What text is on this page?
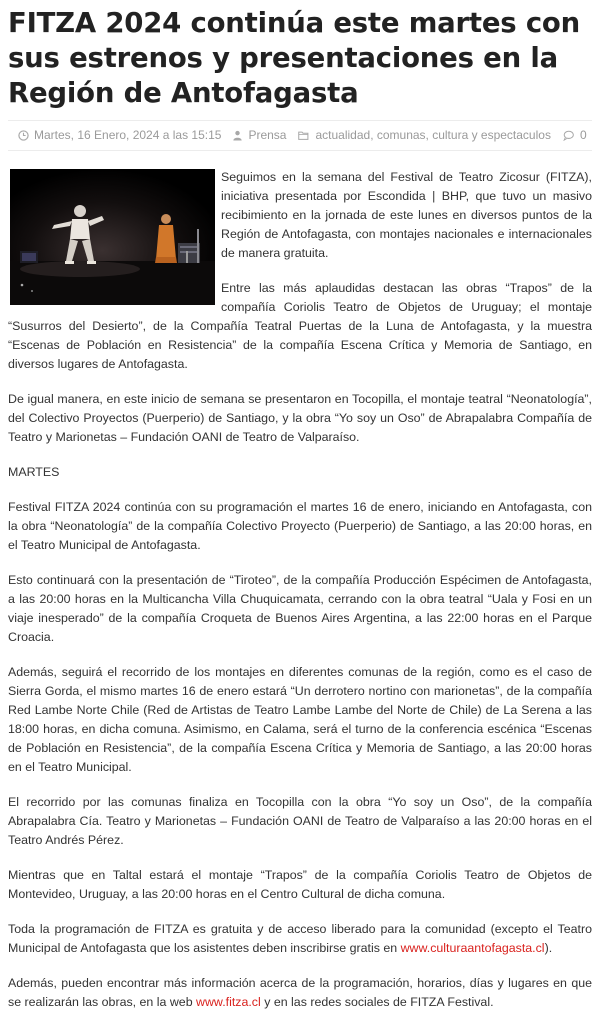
FITZA 2024 continúa este martes con sus estrenos y presentaciones en la Región de Antofagasta
Martes, 16 Enero, 2024 a las 15:15 Prensa actualidad, comunas, cultura y espectaculos 0

Seguimos en la semana del Festival de Teatro Zicosur (FITZA), iniciativa presentada por Escondida | BHP, que tuvo un masivo recibimiento en la jornada de este lunes en diversos puntos de la Región de Antofagasta, con montajes nacionales e internacionales de manera gratuita.

Entre las más aplaudidas destacan las obras “Trapos” de la compañía Coriolis Teatro de Objetos de Uruguay; el montaje “Susurros del Desierto”, de la Compañía Teatral Puertas de la Luna de Antofagasta, y la muestra “Escenas de Población en Resistencia” de la compañía Escena Crítica y Memoria de Santiago, en diversos lugares de Antofagasta.

De igual manera, en este inicio de semana se presentaron en Tocopilla, el montaje teatral “Neonatología”, del Colectivo Proyectos (Puerperio) de Santiago, y la obra “Yo soy un Oso” de Abrapalabra Compañía de Teatro y Marionetas – Fundación OANI de Teatro de Valparaíso.

MARTES

Festival FITZA 2024 continúa con su programación el martes 16 de enero, iniciando en Antofagasta, con la obra “Neonatología” de la compañía Colectivo Proyecto (Puerperio) de Santiago, a las 20:00 horas, en el Teatro Municipal de Antofagasta.

Esto continuará con la presentación de “Tiroteo”, de la compañía Producción Espécimen de Antofagasta, a las 20:00 horas en la Multicancha Villa Chuquicamata, cerrando con la obra teatral “Uala y Fosi en un viaje inesperado” de la compañía Croqueta de Buenos Aires Argentina, a las 22:00 horas en el Parque Croacia.

Además, seguirá el recorrido de los montajes en diferentes comunas de la región, como es el caso de Sierra Gorda, el mismo martes 16 de enero estará “Un derrotero nortino con marionetas”, de la compañía Red Lambe Norte Chile (Red de Artistas de Teatro Lambe Lambe del Norte de Chile) de La Serena a las 18:00 horas, en dicha comuna. Asimismo, en Calama, será el turno de la conferencia escénica “Escenas de Población en Resistencia”, de la compañía Escena Crítica y Memoria de Santiago, a las 20:00 horas en el Teatro Municipal.

El recorrido por las comunas finaliza en Tocopilla con la obra “Yo soy un Oso”, de la compañía Abrapalabra Cía. Teatro y Marionetas – Fundación OANI de Teatro de Valparaíso a las 20:00 horas en el Teatro Andrés Pérez.

Mientras que en Taltal estará el montaje “Trapos” de la compañía Coriolis Teatro de Objetos de Montevideo, Uruguay, a las 20:00 horas en el Centro Cultural de dicha comuna.

Toda la programación de FITZA es gratuita y de acceso liberado para la comunidad (excepto el Teatro Municipal de Antofagasta que los asistentes deben inscribirse gratis en www.culturaantofagasta.cl).

Además, pueden encontrar más información acerca de la programación, horarios, días y lugares en que se realizarán las obras, en la web www.fitza.cl y en las redes sociales de FITZA Festival.
